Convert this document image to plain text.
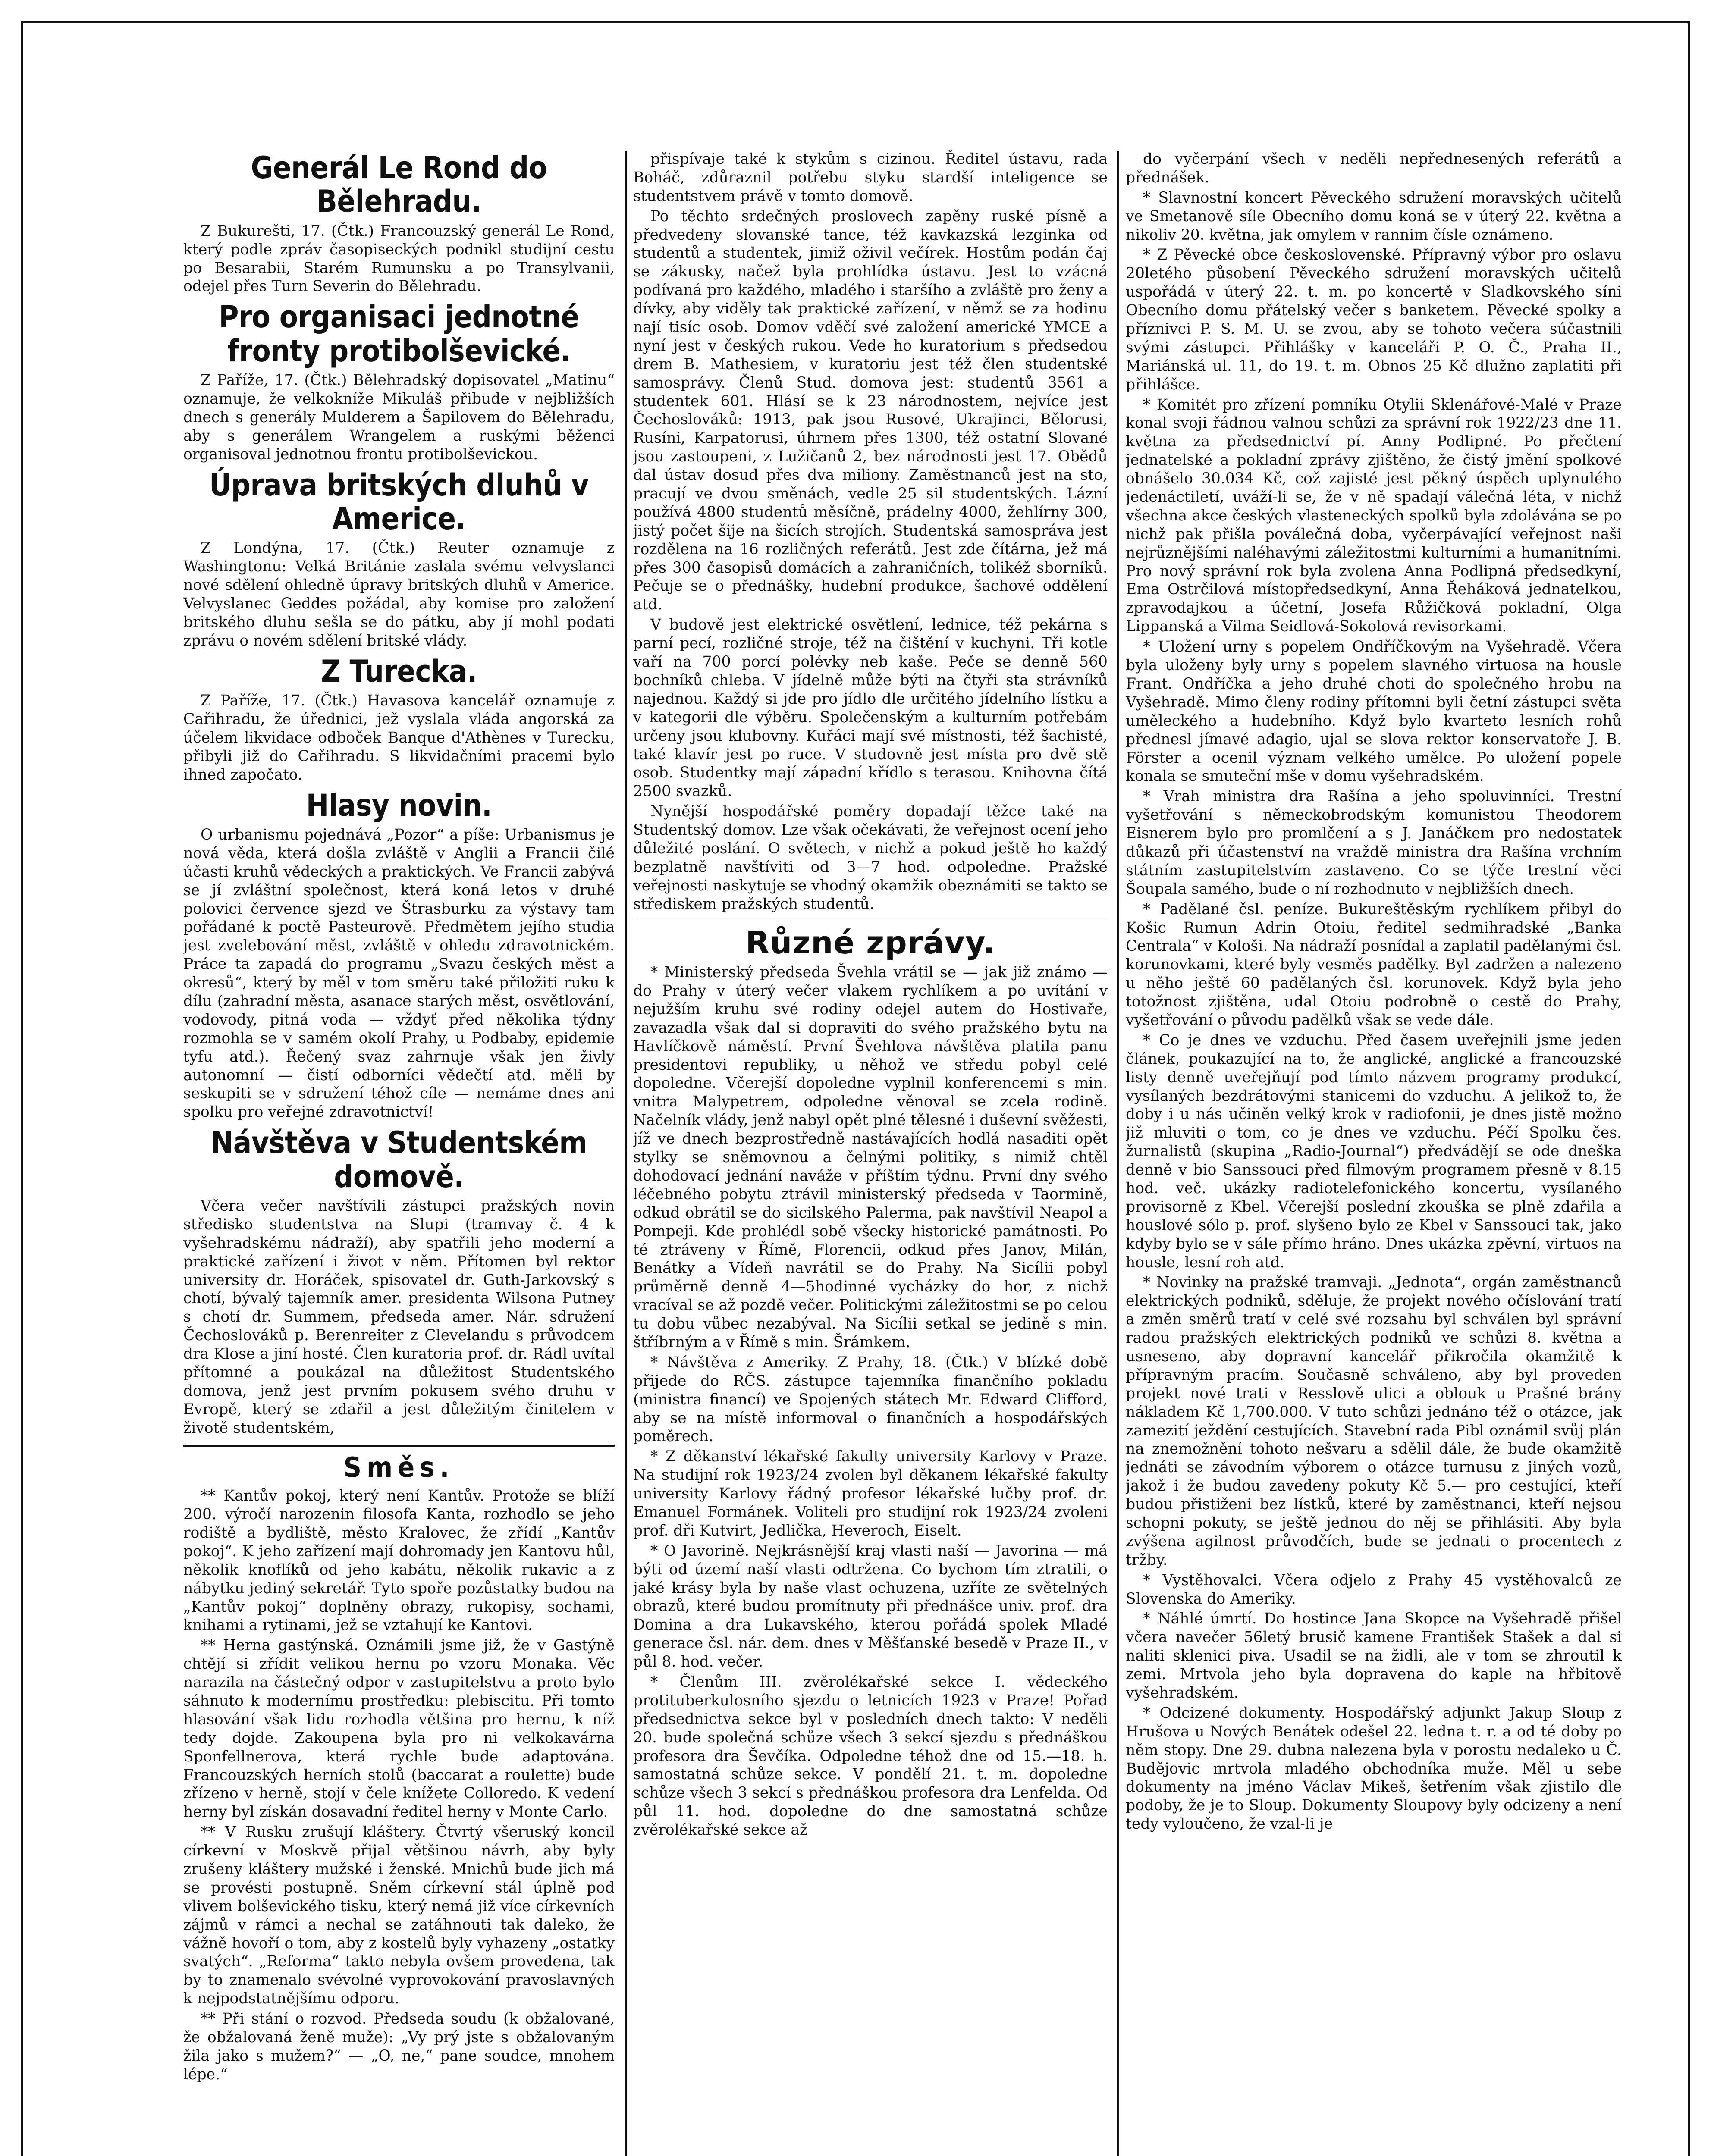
Generál Le Rond do Bělehradu.

Z Bukurešti, 17. (Čtk.) Francouzský generál Le Rond, který podle zpráv časopiseckých podnikl studijní cestu po Besarabii, Starém Rumunsku a po Transylvanii, odejel přes Turn Severin do Bělehradu.

Pro organisaci jednotné fronty protibolševické.

Z Paříže, 17. (Čtk.) Bělehradský dopisovatel „Matinu“ oznamuje, že velkokníže Mikuláš přibude v nejbližších dnech s generály Mulderem a Šapilovem do Bělehradu, aby s generálem Wrangelem a ruskými běženci organisoval jednotnou frontu protibolševickou.

Úprava britských dluhů v Americe.

Z Londýna, 17. (Čtk.) Reuter oznamuje z Washingtonu: Velká Británie zaslala svému velvyslanci nové sdělení ohledně úpravy britských dluhů v Americe. Velvyslanec Geddes požádal, aby komise pro založení britského dluhu sešla se do pátku, aby jí mohl podati zprávu o novém sdělení britské vlády.

Z Turecka.

Z Paříže, 17. (Čtk.) Havasova kancelář oznamuje z Cařihradu, že úřednici, jež vyslala vláda angorská za účelem likvidace odboček Banque d'Athènes v Turecku, přibyli již do Cařihradu. S likvidačními pracemi bylo ihned započato.

Hlasy novin.

O urbanismu pojednává „Pozor“ a píše: Urbanismus je nová věda, která došla zvláště v Anglii a Francii čilé účasti kruhů vědeckých a praktických. Ve Francii zabývá se jí zvláštní společnost, která koná letos v druhé polovici července sjezd ve Štrasburku za výstavy tam pořádané k poctě Pasteurově. Předmětem jejího studia jest zvelebování měst, zvláště v ohledu zdravotnickém. Práce ta zapadá do programu „Svazu českých měst a okresů“, který by měl v tom směru také přiložiti ruku k dílu (zahradní města, asanace starých měst, osvětlování, vodovody, pitná voda — vždyť před několika týdny rozmohla se v samém okolí Prahy, u Podbaby, epidemie tyfu atd.). Řečený svaz zahrnuje však jen živly autonomní — čistí odborníci vědečtí atd. měli by seskupiti se v sdružení téhož cíle — nemáme dnes ani spolku pro veřejné zdravotnictví!

Návštěva v Studentském domově.

Včera večer navštívili zástupci pražských novin středisko studentstva na Slupi (tramvay č. 4 k vyšehradskému nádraží), aby spatřili jeho moderní a praktické zařízení i život v něm. Přítomen byl rektor university dr. Horáček, spisovatel dr. Guth-Jarkovský s chotí, bývalý tajemník amer. presidenta Wilsona Putney s chotí dr. Summem, předseda amer. Nár. sdružení Čechoslováků p. Berenreiter z Clevelandu s průvodcem dra Klose a jiní hosté. Člen kuratoria prof. dr. Rádl uvítal přítomné a poukázal na důležitost Studentského domova, jenž jest prvním pokusem svého druhu v Evropě, který se zdařil a jest důležitým činitelem v životě studentském,

Směs.

** Kantův pokoj, který není Kantův. Protože se blíží 200. výročí narozenin filosofa Kanta, rozhodlo se jeho rodiště a bydliště, město Kralovec, že zřídí „Kantův pokoj“. K jeho zařízení mají dohromady jen Kantovu hůl, několik knoflíků od jeho kabátu, několik rukavic a z nábytku jediný sekretář. Tyto spoře pozůstatky budou na „Kantův pokoj“ doplněny obrazy, rukopisy, sochami, knihami a rytinami, jež se vztahují ke Kantovi.

** Herna gastýnská. Oznámili jsme již, že v Gastýně chtějí si zřídit velikou hernu po vzoru Monaka. Věc narazila na částečný odpor v zastupitelstvu a proto bylo sáhnuto k modernímu prostředku: plebiscitu. Při tomto hlasování však lidu rozhodla většina pro hernu, k níž tedy dojde. Zakoupena byla pro ni velkokavárna Sponfellnerova, která rychle bude adaptována. Francouzských herních stolů (baccarat a roulette) bude zřízeno v herně, stojí v čele knížete Colloredo. K vedení herny byl získán dosavadní ředitel herny v Monte Carlo.

** V Rusku zrušují kláštery. Čtvrtý všeruský koncil církevní v Moskvě přijal většinou návrh, aby byly zrušeny kláštery mužské i ženské. Mnichů bude jich má se provésti postupně. Sněm církevní stál úplně pod vlivem bolševického tisku, který nemá již více církevních zájmů v rámci a nechal se zatáhnouti tak daleko, že vážně hovoří o tom, aby z kostelů byly vyhazeny „ostatky svatých“. „Reforma“ takto nebyla ovšem provedena, tak by to znamenalo svévolné vyprovokování pravoslavných k nejpodstatnějšímu odporu.

** Při stání o rozvod. Předseda soudu (k obžalované, že obžalovaná ženě muže): „Vy prý jste s obžalovaným žila jako s mužem?“ — „O, ne,“ pane soudce, mnohem lépe.“

přispívaje také k stykům s cizinou. Ředitel ústavu, rada Boháč, zdůraznil potřebu styku stardší inteligence se studentstvem právě v tomto domově.

Po těchto srdečných proslovech zapěny ruské písně a předvedeny slovanské tance, též kavkazská lezginka od studentů a studentek, jimiž oživil večírek. Hostům podán čaj se zákusky, načež byla prohlídka ústavu. Jest to vzácná podívaná pro každého, mladého i staršího a zvláště pro ženy a dívky, aby viděly tak praktické zařízení, v němž se za hodinu nají tisíc osob. Domov vděčí své založení americké YMCE a nyní jest v českých rukou. Vede ho kuratorium s předsedou drem B. Mathesiem, v kuratoriu jest též člen studentské samosprávy. Členů Stud. domova jest: studentů 3561 a studentek 601. Hlásí se k 23 národnostem, nejvíce jest Čechoslováků: 1913, pak jsou Rusové, Ukrajinci, Bělorusi, Rusíni, Karpatorusi, úhrnem přes 1300, též ostatní Slované jsou zastoupeni, z Lužičanů 2, bez národnosti jest 17. Obědů dal ústav dosud přes dva miliony. Zaměstnanců jest na sto, pracují ve dvou směnách, vedle 25 sil studentských. Lázní používá 4800 studentů měsíčně, prádelny 4000, žehlírny 300, jistý počet šije na šicích strojích. Studentská samospráva jest rozdělena na 16 rozličných referátů. Jest zde čítárna, jež má přes 300 časopisů domácích a zahraničních, tolikéž sborníků. Pečuje se o přednášky, hudební produkce, šachové oddělení atd.

V budově jest elektrické osvětlení, lednice, též pekárna s parní pecí, rozličné stroje, též na čištění v kuchyni. Tři kotle vaří na 700 porcí polévky neb kaše. Peče se denně 560 bochníků chleba. V jídelně může býti na čtyři sta strávníků najednou. Každý si jde pro jídlo dle určitého jídelního lístku a v kategorii dle výběru. Společenským a kulturním potřebám určeny jsou klubovny. Kuřáci mají své místnosti, též šachisté, také klavír jest po ruce. V studovně jest místa pro dvě stě osob. Studentky mají západní křídlo s terasou. Knihovna čítá 2500 svazků.

Nynější hospodářské poměry dopadají těžce také na Studentský domov. Lze však očekávati, že veřejnost ocení jeho důležité poslání. O světech, v nichž a pokud ještě ho každý bezplatně navštíviti od 3—7 hod. odpoledne. Pražské veřejnosti naskytuje se vhodný okamžik obeznámiti se takto se střediskem pražských studentů.

Různé zprávy.

* Ministerský předseda Švehla vrátil se — jak již známo — do Prahy v úterý večer vlakem rychlíkem a po uvítání v nejužším kruhu své rodiny odejel autem do Hostivaře, zavazadla však dal si dopraviti do svého pražského bytu na Havlíčkově náměstí. První Švehlova návštěva platila panu presidentovi republiky, u něhož ve středu pobyl celé dopoledne. Včerejší dopoledne vyplnil konferencemi s min. vnitra Malypetrem, odpoledne věnoval se zcela rodině. Načelník vlády, jenž nabyl opět plné tělesné i duševní svěžesti, jíž ve dnech bezprostředně nastávajících hodlá nasaditi opět stylky se sněmovnou a čelnými politiky, s nimiž chtěl dohodovací jednání naváže v příštím týdnu. První dny svého léčebného pobytu ztrávil ministerský předseda v Taormině, odkud obrátil se do sicilského Palerma, pak navštívil Neapol a Pompeji. Kde prohlédl sobě všecky historické památnosti. Po té ztráveny v Římě, Florencii, odkud přes Janov, Milán, Benátky a Vídeň navrátil se do Prahy. Na Sicílii pobyl průměrně denně 4—5hodinné vycházky do hor, z nichž vracíval se až pozdě večer. Politickými záležitostmi se po celou tu dobu vůbec nezabýval. Na Sicílii setkal se jedině s min. štříbrným a v Římě s min. Šrámkem.

* Návštěva z Ameriky. Z Prahy, 18. (Čtk.) V blízké době přijede do RČS. zástupce tajemníka finančního pokladu (ministra financí) ve Spojených státech Mr. Edward Clifford, aby se na místě informoval o finančních a hospodářských poměrech.

* Z děkanství lékařské fakulty university Karlovy v Praze. Na studijní rok 1923/24 zvolen byl děkanem lékařské fakulty university Karlovy řádný profesor lékařské lučby prof. dr. Emanuel Formánek. Voliteli pro studijní rok 1923/24 zvoleni prof. dři Kutvirt, Jedlička, Heveroch, Eiselt.

* O Javorině. Nejkrásnější kraj vlasti naší — Javorina — má býti od území naší vlasti odtržena. Co bychom tím ztratili, o jaké krásy byla by naše vlast ochuzena, uzříte ze světelných obrazů, které budou promítnuty při přednášce univ. prof. dra Domina a dra Lukavského, kterou pořádá spolek Mladé generace čsl. nár. dem. dnes v Měšťanské besedě v Praze II., v půl 8. hod. večer.

* Členům III. zvěrolékařské sekce I. vědeckého protituberkulosního sjezdu o letnicích 1923 v Praze! Pořad předsednictva sekce byl v posledních dnech takto: V neděli 20. bude společná schůze všech 3 sekcí sjezdu s přednáškou profesora dra Ševčíka. Odpoledne téhož dne od 15.—18. h. samostatná schůze sekce. V pondělí 21. t. m. dopoledne schůze všech 3 sekcí s přednáškou profesora dra Lenfelda. Od půl 11. hod. dopoledne do dne samostatná schůze zvěrolékařské sekce až

do vyčerpání všech v neděli nepřednesených referátů a přednášek.

* Slavnostní koncert Pěveckého sdružení moravských učitelů ve Smetanově síle Obecního domu koná se v úterý 22. května a nikoliv 20. května, jak omylem v rannim čísle oznámeno.

* Z Pěvecké obce československé. Přípravný výbor pro oslavu 20letého působení Pěveckého sdružení moravských učitelů uspořádá v úterý 22. t. m. po koncertě v Sladkovského síni Obecního domu přátelský večer s banketem. Pěvecké spolky a příznivci P. S. M. U. se zvou, aby se tohoto večera súčastnili svými zástupci. Přihlášky v kanceláři P. O. Č., Praha II., Mariánská ul. 11, do 19. t. m. Obnos 25 Kč dlužno zaplatiti při přihlášce.

* Komitét pro zřízení pomníku Otylii Sklenářové-Malé v Praze konal svoji řádnou valnou schůzi za správní rok 1922/23 dne 11. května za předsednictví pí. Anny Podlipné. Po přečtení jednatelské a pokladní zprávy zjištěno, že čistý jmění spolkové obnášelo 30.034 Kč, což zajisté jest pěkný úspěch uplynulého jedenáctiletí, uváží-li se, že v ně spadají válečná léta, v nichž všechna akce českých vlasteneckých spolků byla zdolávána se po nichž pak přišla poválečná doba, vyčerpávající veřejnost naši nejrůznějšími naléhavými záležitostmi kulturními a humanitními. Pro nový správní rok byla zvolena Anna Podlipná předsedkyní, Ema Ostrčilová místopředsedkyní, Anna Řeháková jednatelkou, zpravodajkou a účetní, Josefa Růžičková pokladní, Olga Lippanská a Vilma Seidlová-Sokolová revisorkami.

* Uložení urny s popelem Ondříčkovým na Vyšehradě. Včera byla uloženy byly urny s popelem slavného virtuosa na housle Frant. Ondříčka a jeho druhé choti do společného hrobu na Vyšehradě. Mimo členy rodiny přítomni byli četní zástupci světa uměleckého a hudebního. Když bylo kvarteto lesních rohů přednesl jímavé adagio, ujal se slova rektor konservatoře J. B. Förster a ocenil význam velkého umělce. Po uložení popele konala se smuteční mše v domu vyšehradském.

* Vrah ministra dra Rašína a jeho spoluvinníci. Trestní vyšetřování s německobrodským komunistou Theodorem Eisnerem bylo pro promlčení a s J. Janáčkem pro nedostatek důkazů při účastenství na vraždě ministra dra Rašína vrchním státním zastupitelstvím zastaveno. Co se týče trestní věci Šoupala samého, bude o ní rozhodnuto v nejbližších dnech.

* Padělané čsl. peníze. Bukureštěským rychlíkem přibyl do Košic Rumun Adrin Otoiu, ředitel sedmihradské „Banka Centrala“ v Kološi. Na nádraží posnídal a zaplatil padělanými čsl. korunovkami, které byly vesměs padělky. Byl zadržen a nalezeno u něho ještě 60 padělaných čsl. korunovek. Když byla jeho totožnost zjištěna, udal Otoiu podrobně o cestě do Prahy, vyšetřování o původu padělků však se vede dále.

* Co je dnes ve vzduchu. Před časem uveřejnili jsme jeden článek, poukazující na to, že anglické, anglické a francouzské listy denně uveřejňují pod tímto názvem programy produkcí, vysílaných bezdrátovými stanicemi do vzduchu. A jelikož to, že doby i u nás učiněn velký krok v radiofonii, je dnes jistě možno již mluviti o tom, co je dnes ve vzduchu. Péčí Spolku čes. žurnalistů (skupina „Radio-Journal“) předvádějí se ode dneška denně v bio Sanssouci před filmovým programem přesně v 8.15 hod. več. ukázky radiotelefonického koncertu, vysílaného provisorně z Kbel. Včerejší poslední zkouška se plně zdařila a houslové sólo p. prof. slyšeno bylo ze Kbel v Sanssouci tak, jako kdyby bylo se v sále přímo hráno. Dnes ukázka zpěvní, virtuos na housle, lesní roh atd.

* Novinky na pražské tramvaji. „Jednota“, orgán zaměstnanců elektrických podniků, sděluje, že projekt nového očíslování tratí a změn směrů tratí v celé své rozsahu byl schválen byl správní radou pražských elektrických podniků ve schůzi 8. května a usneseno, aby dopravní kancelář přikročila okamžitě k přípravným pracím. Současně schváleno, aby byl proveden projekt nové trati v Resslově ulici a oblouk u Prašné brány nákladem Kč 1,700.000. V tuto schůzi jednáno též o otázce, jak zamezití ježdění cestujících. Stavební rada Pibl oznámil svůj plán na znemožnění tohoto nešvaru a sdělil dále, že bude okamžitě jednáti se závodním výborem o otázce turnusu z jiných vozů, jakož i že budou zavedeny pokuty Kč 5.— pro cestující, kteří budou přistiženi bez lístků, které by zaměstnanci, kteří nejsou schopni pokuty, se ještě jednou do něj se přihlásiti. Aby byla zvýšena agilnost průvodčích, bude se jednati o procentech z tržby.

* Vystěhovalci. Včera odjelo z Prahy 45 vystěhovalců ze Slovenska do Ameriky.

* Náhlé úmrtí. Do hostince Jana Skopce na Vyšehradě přišel včera navečer 56letý brusič kamene František Stašek a dal si naliti sklenici piva. Usadil se na židli, ale v tom se zhroutil k zemi. Mrtvola jeho byla dopravena do kaple na hřbitově vyšehradském.

* Odcizené dokumenty. Hospodářský adjunkt Jakup Sloup z Hrušova u Nových Benátek odešel 22. ledna t. r. a od té doby po něm stopy. Dne 29. dubna nalezena byla v porostu nedaleko u Č. Budějovic mrtvola mladého obchodníka muže. Měl u sebe dokumenty na jméno Václav Mikeš, šetřením však zjistilo dle podoby, že je to Sloup. Dokumenty Sloupovy byly odcizeny a není tedy vyloučeno, že vzal-li je
